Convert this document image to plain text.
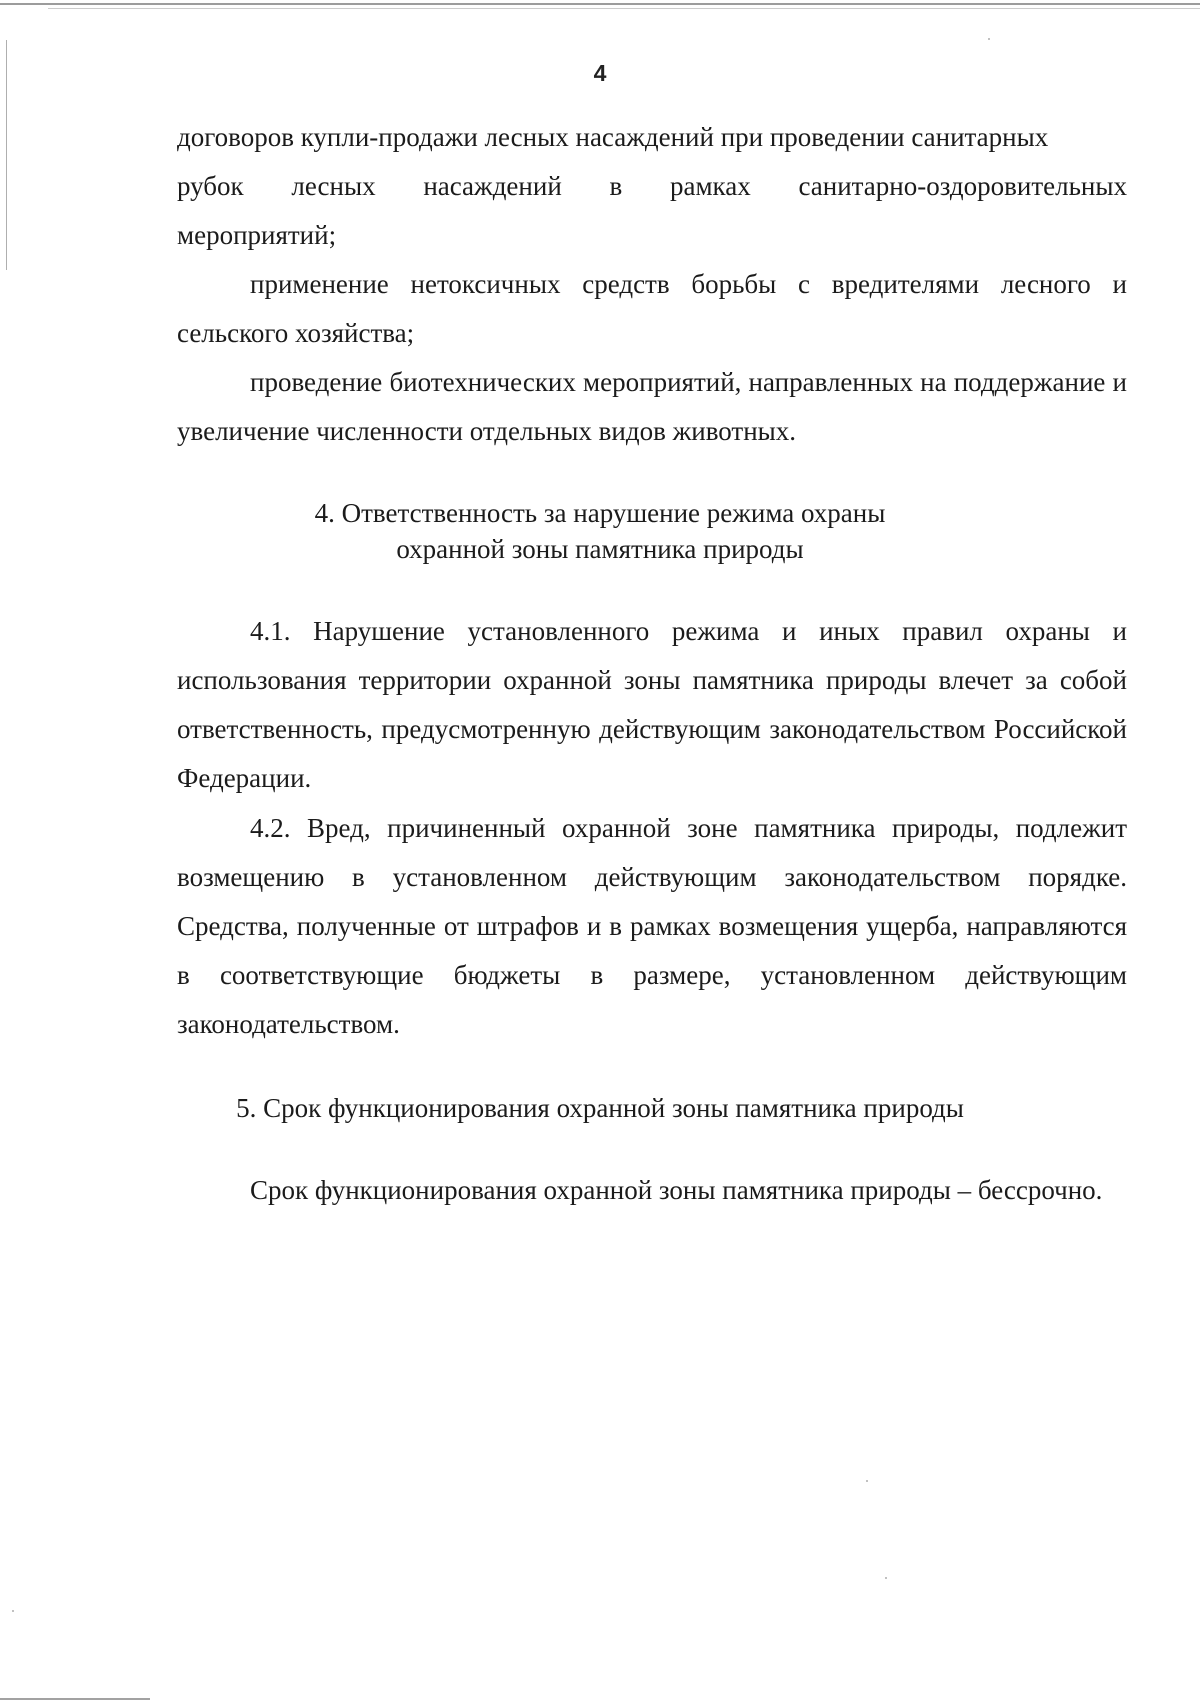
4

договоров купли-продажи лесных насаждений при проведении санитарных

рубок лесных насаждений в рамках санитарно-оздоровительных

мероприятий;

применение нетоксичных средств борьбы с вредителями лесного и сельского хозяйства;

проведение биотехнических мероприятий, направленных на поддержание и увеличение численности отдельных видов животных.

4. Ответственность за нарушение режима охраны
охранной зоны памятника природы

4.1. Нарушение установленного режима и иных правил охраны и использования территории охранной зоны памятника природы влечет за собой ответственность, предусмотренную действующим законодательством Российской Федерации.

4.2. Вред, причиненный охранной зоне памятника природы, подлежит возмещению в установленном действующим законодательством порядке. Средства, полученные от штрафов и в рамках возмещения ущерба, направляются в соответствующие бюджеты в размере, установленном действующим законодательством.

5. Срок функционирования охранной зоны памятника природы

Срок функционирования охранной зоны памятника природы – бессрочно.
